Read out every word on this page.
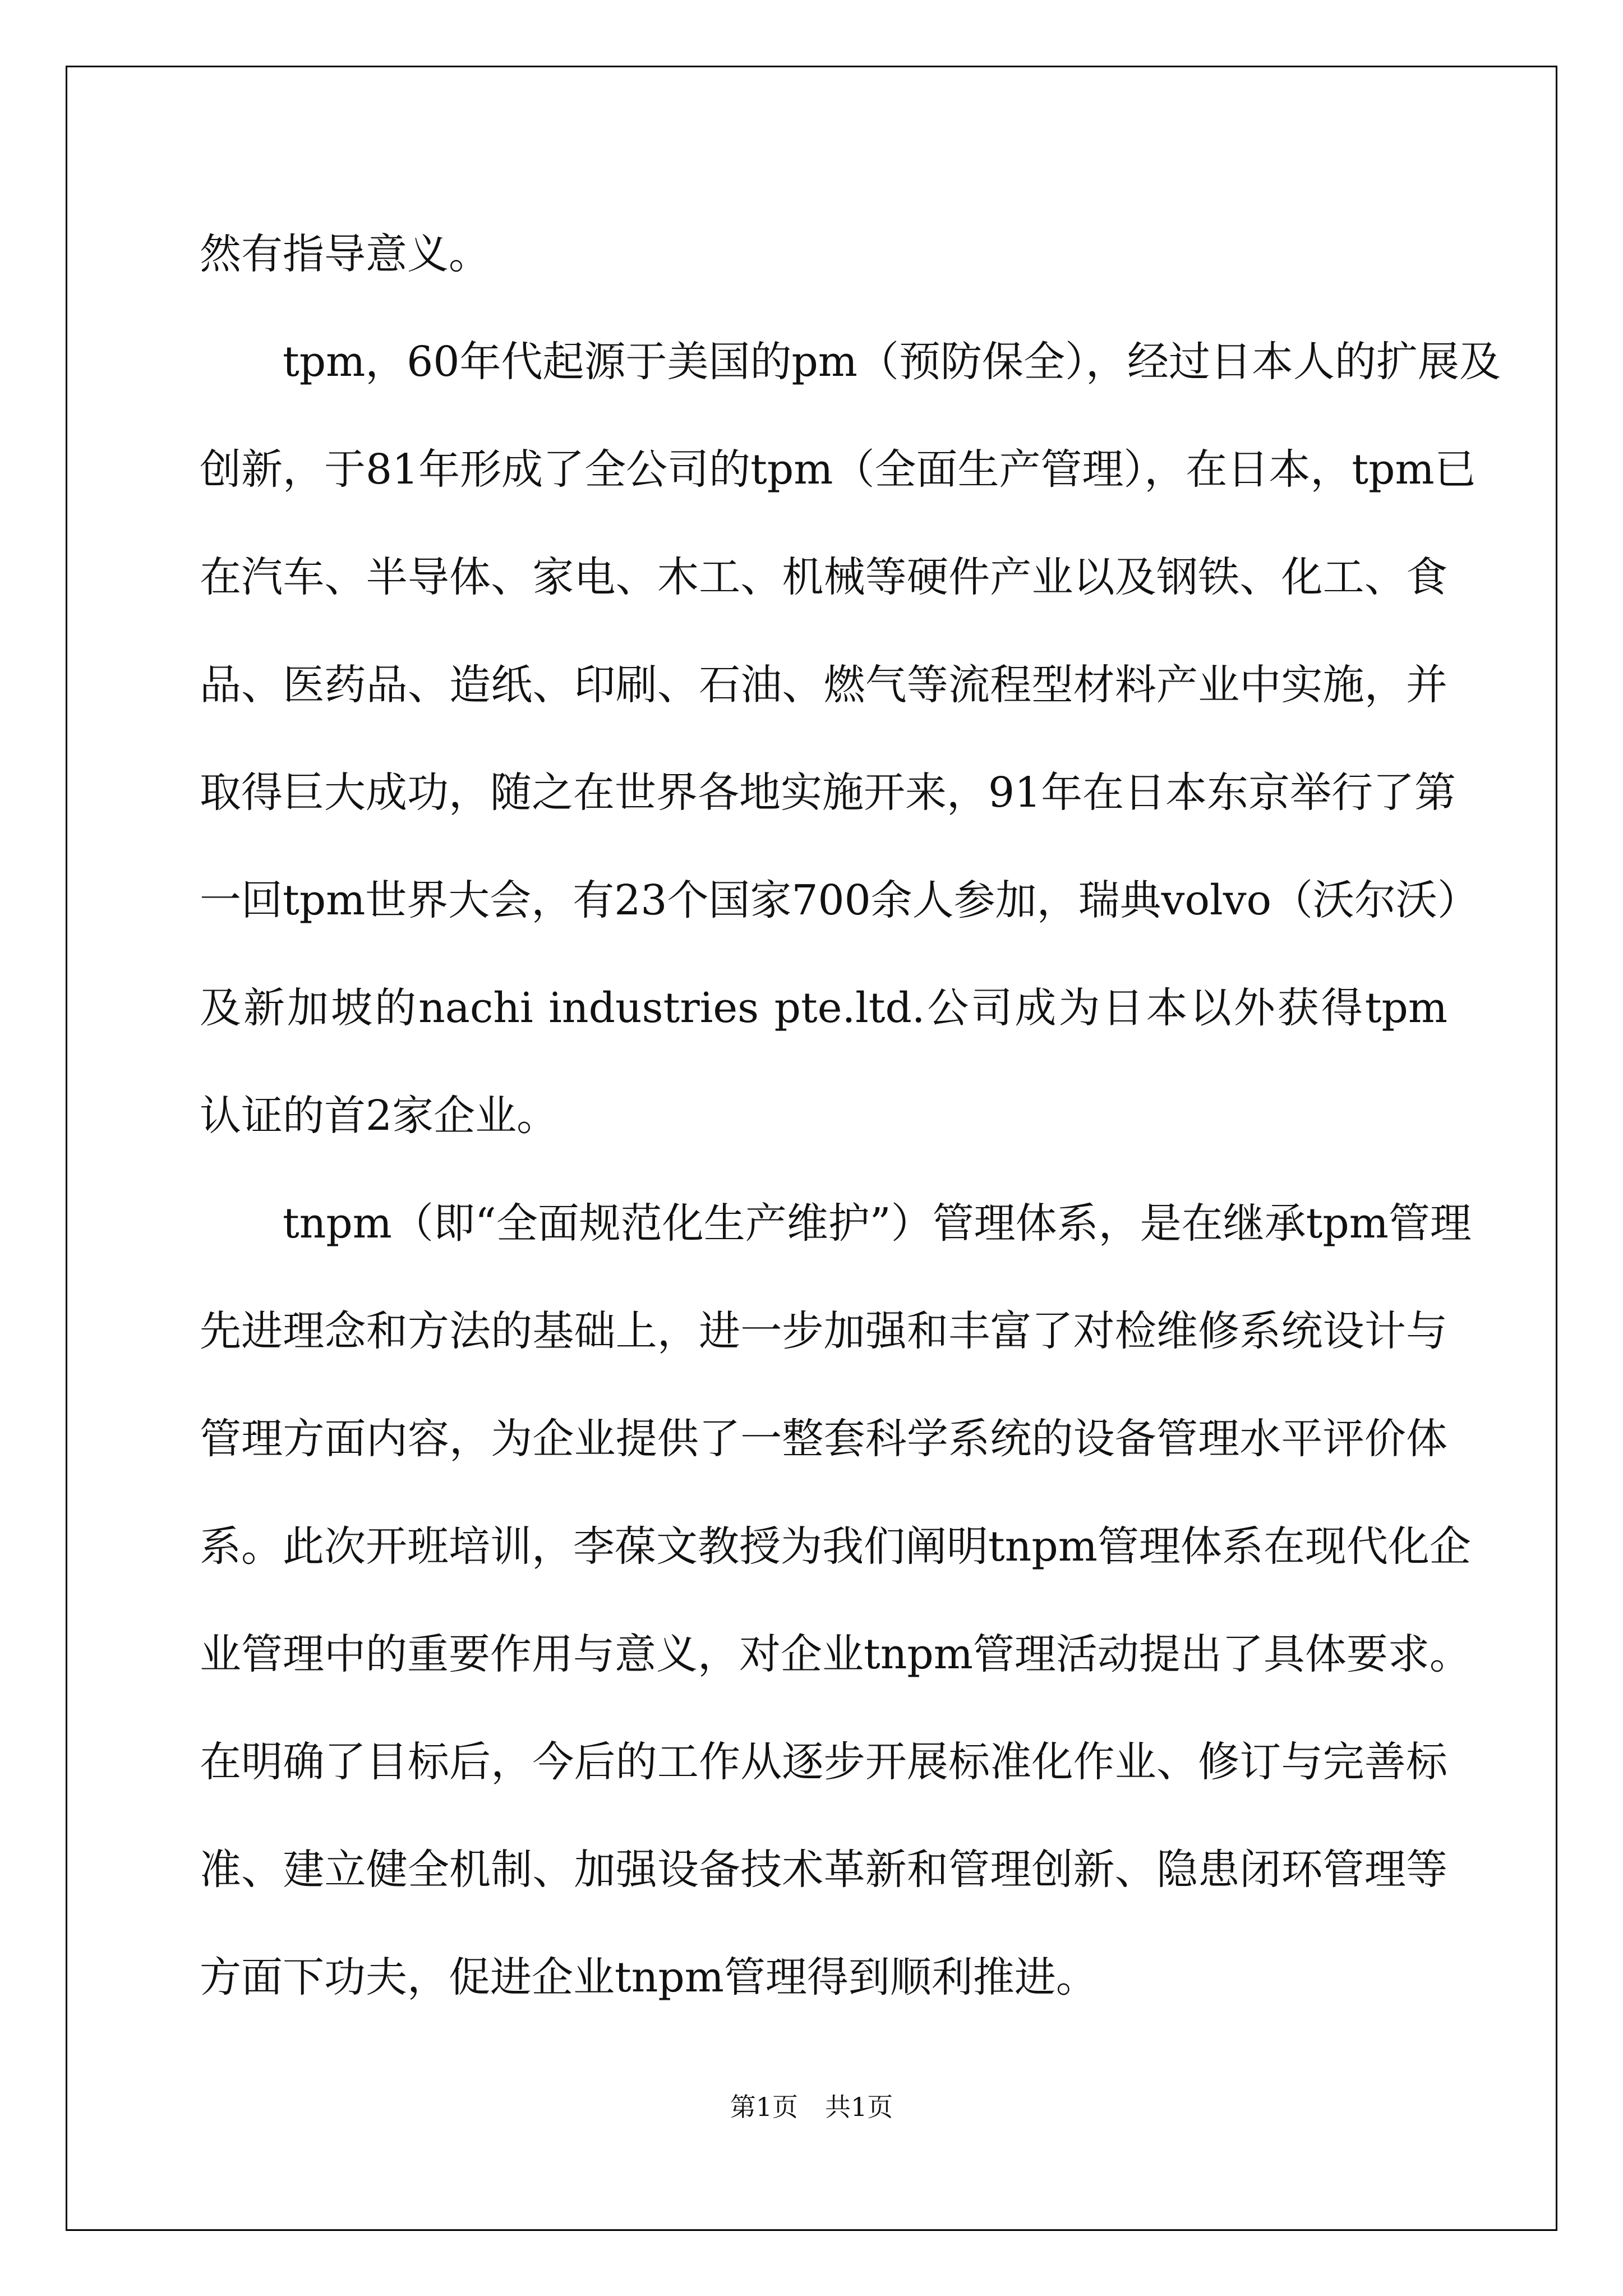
然有指导意义。
tpm，60年代起源于美国的pm（预防保全），经过日本人的扩展及
创新，于81年形成了全公司的tpm（全面生产管理），在日本，tpm已
在汽车、半导体、家电、木工、机械等硬件产业以及钢铁、化工、食
品、医药品、造纸、印刷、石油、燃气等流程型材料产业中实施，并
取得巨大成功，随之在世界各地实施开来，91年在日本东京举行了第
一回tpm世界大会，有23个国家700余人参加，瑞典volvo（沃尔沃）
及新加坡的nachi industries pte.ltd.公司成为日本以外获得tpm
认证的首2家企业。
tnpm（即“全面规范化生产维护”）管理体系，是在继承tpm管理
先进理念和方法的基础上，进一步加强和丰富了对检维修系统设计与
管理方面内容，为企业提供了一整套科学系统的设备管理水平评价体
系。此次开班培训，李葆文教授为我们阐明tnpm管理体系在现代化企
业管理中的重要作用与意义，对企业tnpm管理活动提出了具体要求。
在明确了目标后，今后的工作从逐步开展标准化作业、修订与完善标
准、建立健全机制、加强设备技术革新和管理创新、隐患闭环管理等
方面下功夫，促进企业tnpm管理得到顺利推进。
第1页 共1页
